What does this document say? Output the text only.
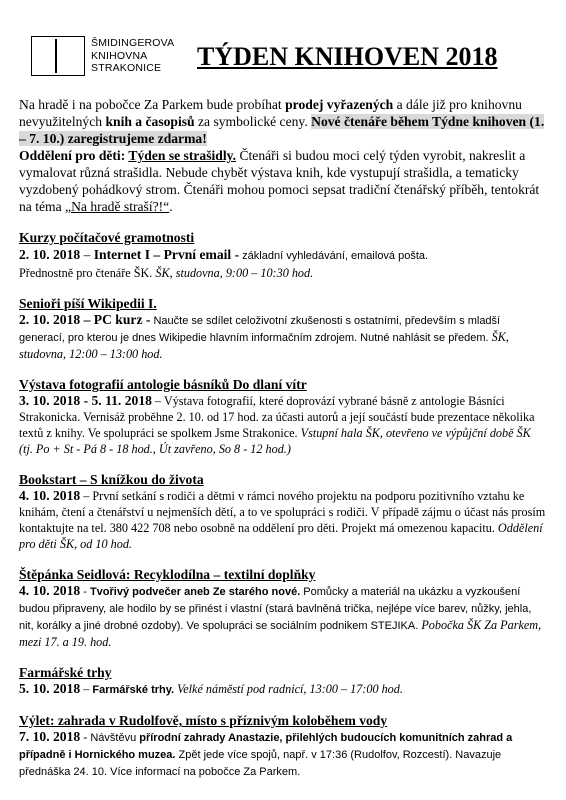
ŠMIDINGEROVA
KNIHOVNA
STRAKONICE	TÝDEN KNIHOVEN 2018

Na hradě i na pobočce Za Parkem bude probíhat prodej vyřazených a dále již pro knihovnu nevyužitelných knih a časopisů za symbolické ceny. Nové čtenáře během Týdne knihoven (1. – 7. 10.) zaregistrujeme zdarma!

Oddělení pro děti: Týden se strašidly. Čtenáři si budou moci celý týden vyrobit, nakreslit a vymalovat různá strašidla. Nebude chybět výstava knih, kde vystupují strašidla, a tematicky vyzdobený pohádkový strom. Čtenáři mohou pomoci sepsat tradiční čtenářský příběh, tentokrát na téma „Na hradě straší?!“.

Kurzy počítačové gramotnosti
2. 10. 2018 – Internet I – První email - základní vyhledávání, emailová pošta.
Přednostně pro čtenáře ŠK. ŠK, studovna, 9:00 – 10:30 hod.
Senioři píší Wikipedii I.
2. 10. 2018 – PC kurz - Naučte se sdílet celoživotní zkušenosti s ostatními, především s mladší generací, pro kterou je dnes Wikipedie hlavním informačním zdrojem. Nutné nahlásit se předem. ŠK, studovna, 12:00 – 13:00 hod.
Výstava fotografií antologie básníků Do dlaní vítr
3. 10. 2018 - 5. 11. 2018 – Výstava fotografií, které doprovází vybrané básně z antologie Básníci Strakonicka. Vernisáž proběhne 2. 10. od 17 hod. za účasti autorů a její součástí bude prezentace několika textů z knihy. Ve spolupráci se spolkem Jsme Strakonice. Vstupní hala ŠK, otevřeno ve výpůjční době ŠK (tj. Po + St - Pá 8 - 18 hod., Út zavřeno, So 8 - 12 hod.)
Bookstart – S knížkou do života
4. 10. 2018 – První setkání s rodiči a dětmi v rámci nového projektu na podporu pozitivního vztahu ke knihám, čtení a čtenářství u nejmenších dětí, a to ve spolupráci s rodiči. V případě zájmu o účast nás prosím kontaktujte na tel. 380 422 708 nebo osobně na oddělení pro děti. Projekt má omezenou kapacitu. Oddělení pro děti ŠK, od 10 hod.
Štěpánka Seidlová: Recyklodílna – textilní doplňky
4. 10. 2018 - Tvořivý podvečer aneb Ze starého nové. Pomůcky a materiál na ukázku a vyzkoušení budou připraveny, ale hodilo by se přinést i vlastní (stará bavlněná trička, nejlépe více barev, nůžky, jehla, nit, korálky a jiné drobné ozdoby). Ve spolupráci se sociálním podnikem STEJIKA. Pobočka ŠK Za Parkem, mezi 17. a 19. hod.
Farmářské trhy
5. 10. 2018 – Farmářské trhy. Velké náměstí pod radnicí, 13:00 – 17:00 hod.
Výlet: zahrada v Rudolfově, místo s příznivým koloběhem vody
7. 10. 2018 - Návštěvu přírodní zahrady Anastazie, přilehlých budoucích komunitních zahrad a případně i Hornického muzea. Zpět jede více spojů, např. v 17:36 (Rudolfov, Rozcestí). Navazuje přednáška 24. 10. Více informací na pobočce Za Parkem.
